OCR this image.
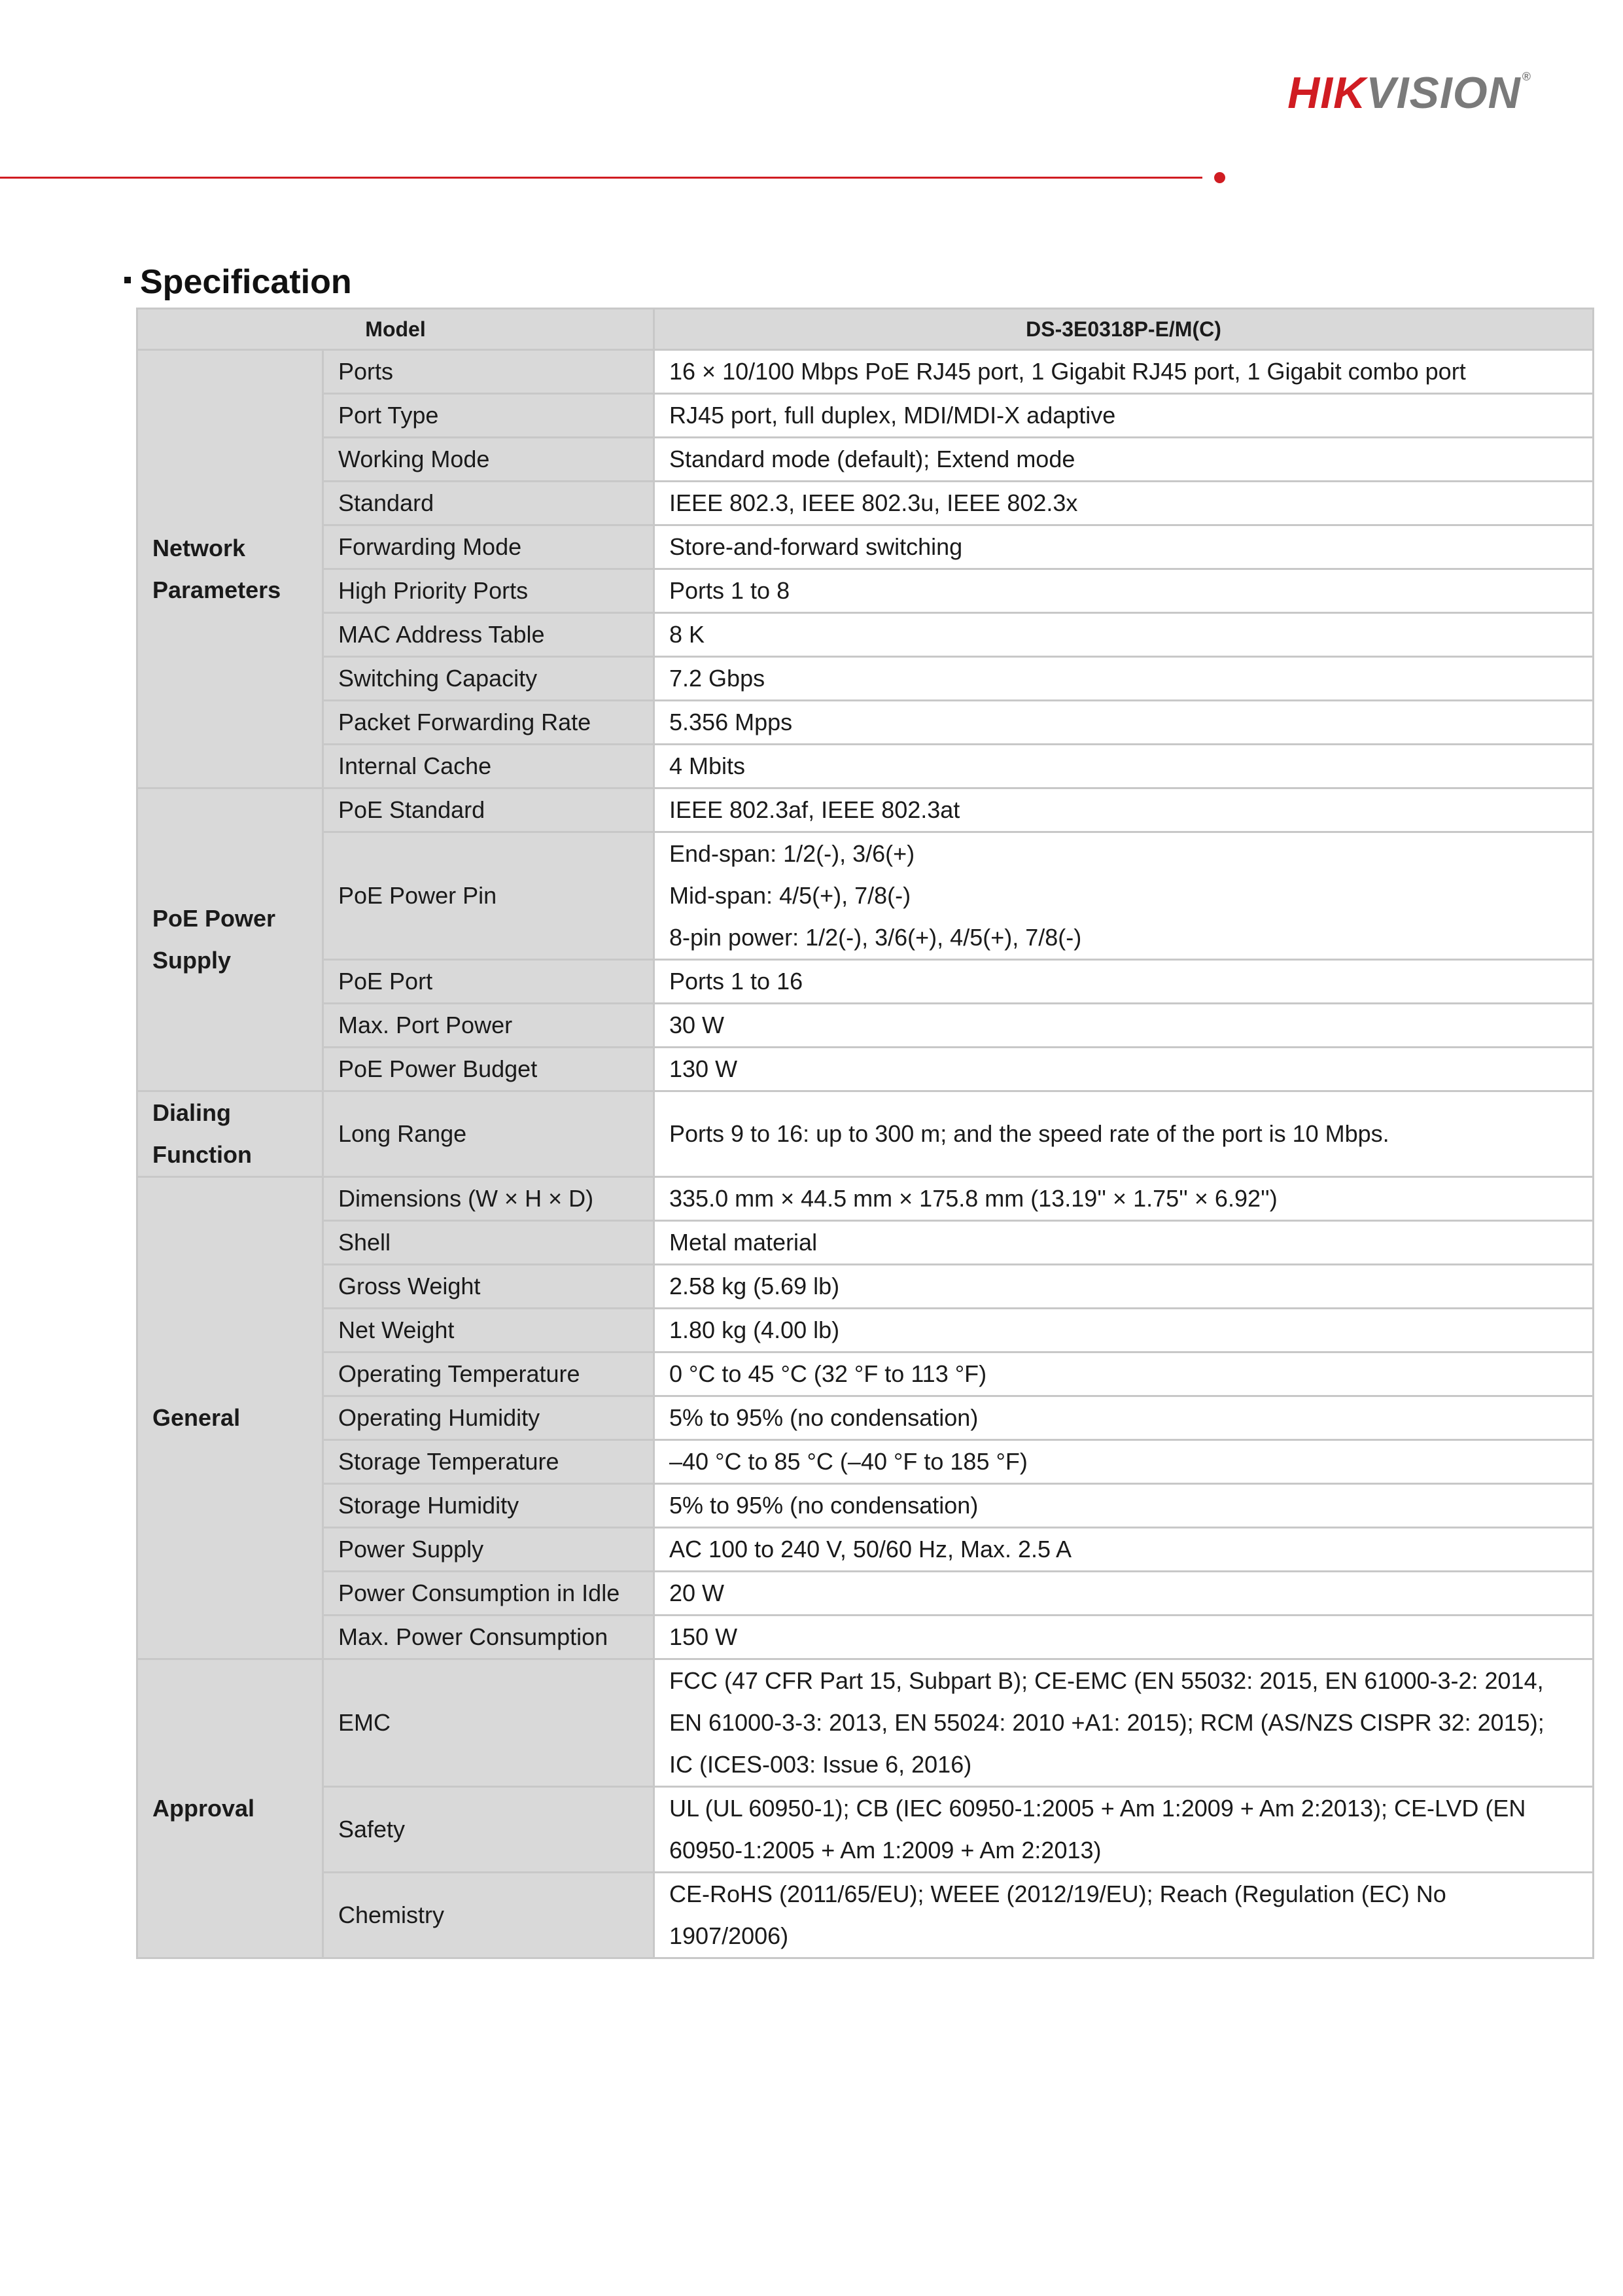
HIKVISION ®
Specification
Model		DS-3E0318P-E/M(C)
Network Parameters	Ports	16 × 10/100 Mbps PoE RJ45 port, 1 Gigabit RJ45 port, 1 Gigabit combo port

	Port Type	RJ45 port, full duplex, MDI/MDI-X adaptive

	Working Mode	Standard mode (default); Extend mode

	Standard	IEEE 802.3, IEEE 802.3u, IEEE 802.3x

	Forwarding Mode	Store-and-forward switching

	High Priority Ports	Ports 1 to 8

	MAC Address Table	8 K

	Switching Capacity	7.2 Gbps

	Packet Forwarding Rate	5.356 Mpps

	Internal Cache	4 Mbits

PoE Power Supply	PoE Standard	IEEE 802.3af, IEEE 802.3at

	PoE Power Pin	End-span: 1/2(-), 3/6(+)
Mid-span: 4/5(+), 7/8(-)
8-pin power: 1/2(-), 3/6(+), 4/5(+), 7/8(-)

	PoE Port	Ports 1 to 16

	Max. Port Power	30 W

	PoE Power Budget	130 W

Dialing Function	Long Range	Ports 9 to 16: up to 300 m; and the speed rate of the port is 10 Mbps.

General	Dimensions (W × H × D)	335.0 mm × 44.5 mm × 175.8 mm (13.19'' × 1.75'' × 6.92'')

	Shell	Metal material

	Gross Weight	2.58 kg (5.69 lb)

	Net Weight	1.80 kg (4.00 lb)

	Operating Temperature	0 °C to 45 °C (32 °F to 113 °F)

	Operating Humidity	5% to 95% (no condensation)

	Storage Temperature	–40 °C to 85 °C (–40 °F to 185 °F)

	Storage Humidity	5% to 95% (no condensation)

	Power Supply	AC 100 to 240 V, 50/60 Hz, Max. 2.5 A

	Power Consumption in Idle	20 W

	Max. Power Consumption	150 W

Approval	EMC	FCC (47 CFR Part 15, Subpart B); CE-EMC (EN 55032: 2015, EN 61000-3-2: 2014,
EN 61000-3-3: 2013, EN 55024: 2010 +A1: 2015); RCM (AS/NZS CISPR 32: 2015);
IC (ICES-003: Issue 6, 2016)

	Safety	UL (UL 60950-1); CB (IEC 60950-1:2005 + Am 1:2009 + Am 2:2013); CE-LVD (EN
60950-1:2005 + Am 1:2009 + Am 2:2013)

	Chemistry	CE-RoHS (2011/65/EU); WEEE (2012/19/EU); Reach (Regulation (EC) No
1907/2006)
